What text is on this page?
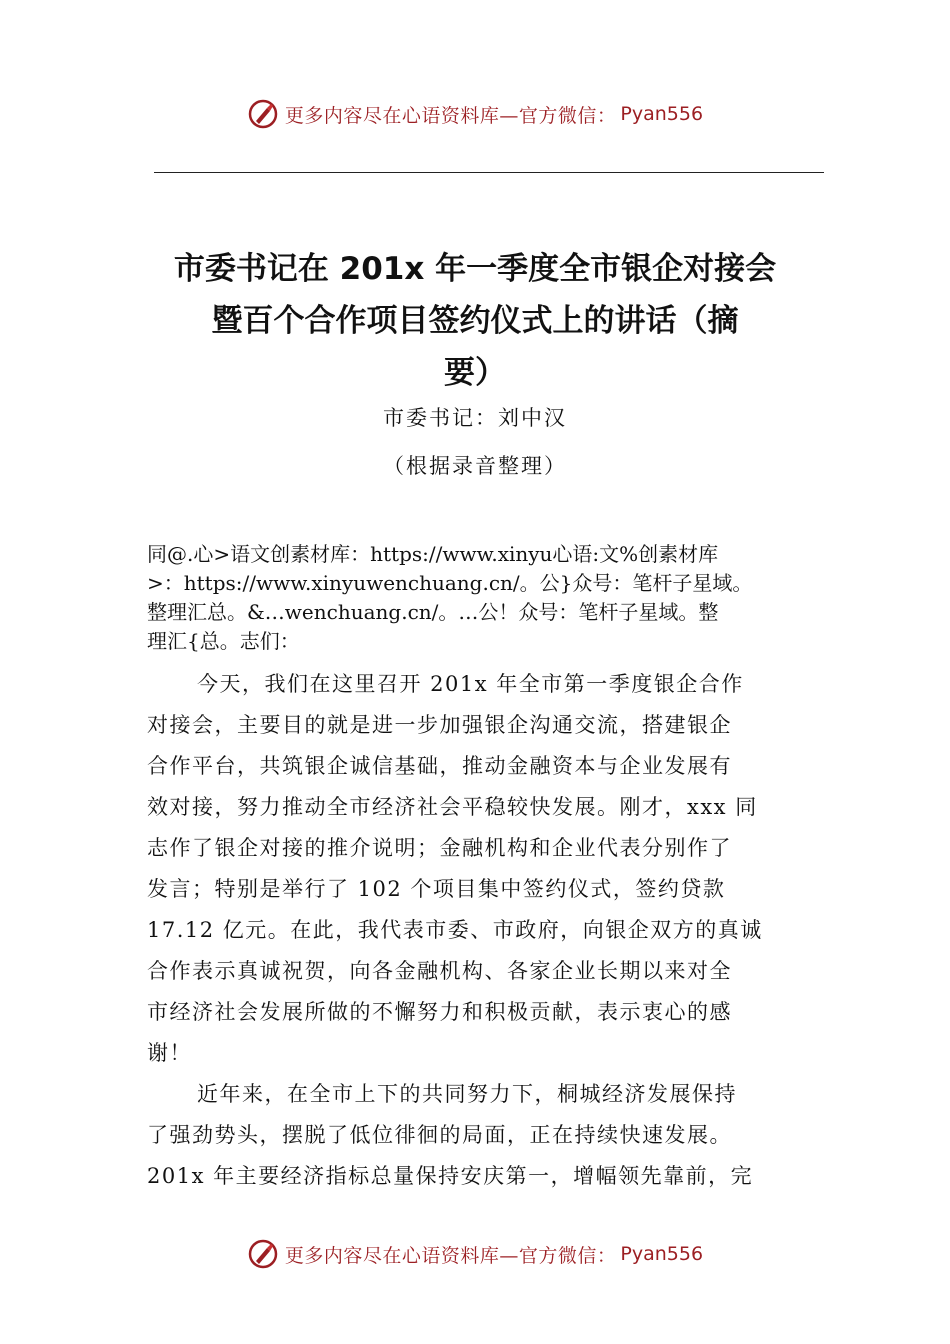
更多内容尽在心语资料库—官方微信： Pyan556
市委书记在 201x 年一季度全市银企对接会
暨百个合作项目签约仪式上的讲话（摘
要）
市委书记：刘中汉
（根据录音整理）
同@.心>语文创素材库：https://www.xinyu心语:文%创素材库
>：https://www.xinyuwenchuang.cn/。公}众号：笔杆子星域。
整理汇总。&…wenchuang.cn/。…公！众号：笔杆子星域。整
理汇{总。志们：
今天，我们在这里召开 201x 年全市第一季度银企合作
对接会，主要目的就是进一步加强银企沟通交流，搭建银企
合作平台，共筑银企诚信基础，推动金融资本与企业发展有
效对接，努力推动全市经济社会平稳较快发展。刚才，xxx 同
志作了银企对接的推介说明；金融机构和企业代表分别作了
发言；特别是举行了 102 个项目集中签约仪式，签约贷款
17.12 亿元。在此，我代表市委、市政府，向银企双方的真诚
合作表示真诚祝贺，向各金融机构、各家企业长期以来对全
市经济社会发展所做的不懈努力和积极贡献，表示衷心的感
谢！
近年来，在全市上下的共同努力下，桐城经济发展保持
了强劲势头，摆脱了低位徘徊的局面，正在持续快速发展。
201x 年主要经济指标总量保持安庆第一，增幅领先靠前，完
更多内容尽在心语资料库—官方微信： Pyan556
